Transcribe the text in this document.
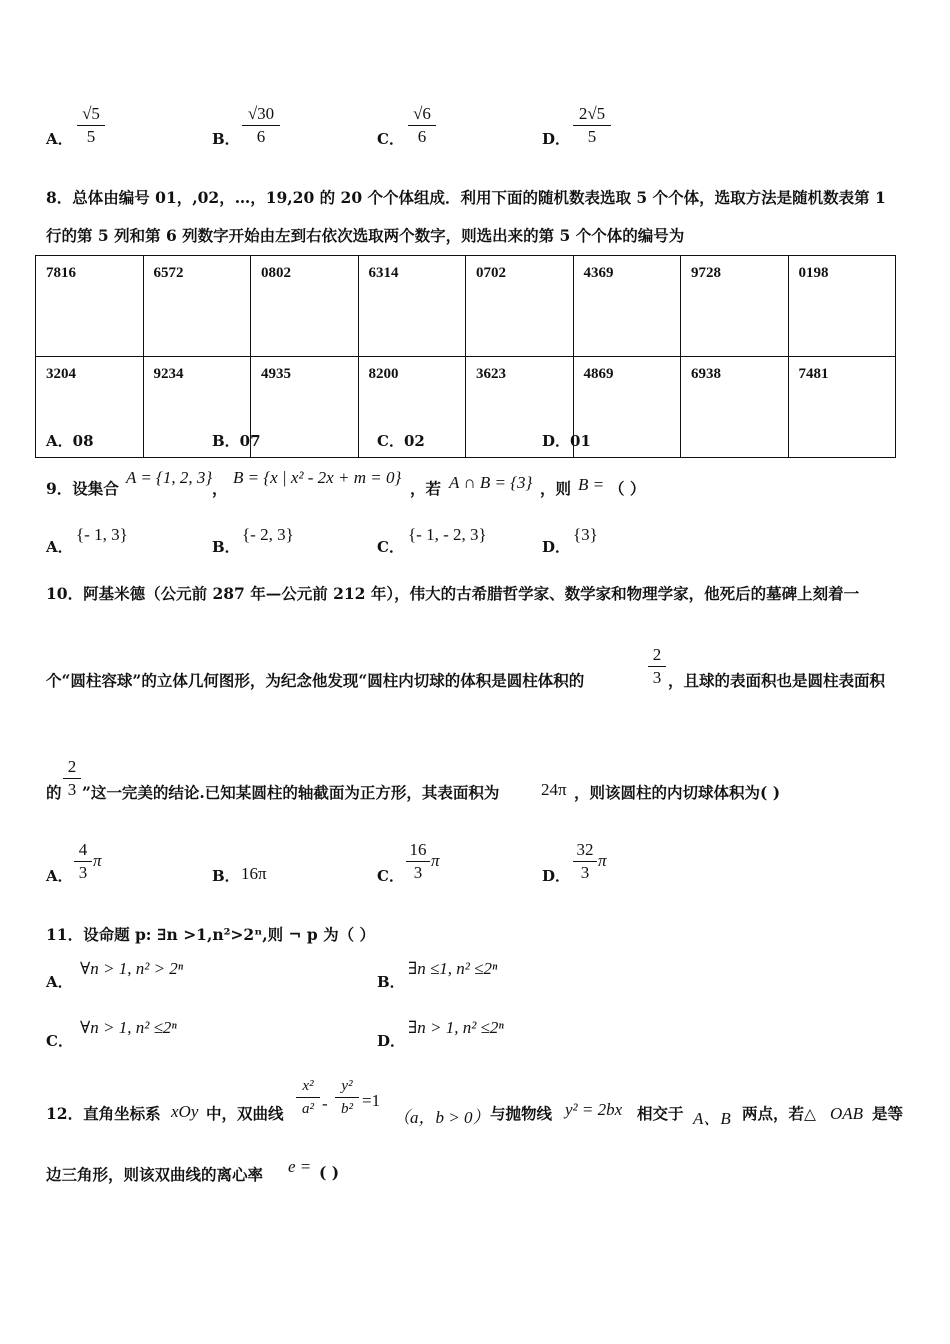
A．
√5
5	B．
√30
6	C．
√6
6	D．
2√5
5
8．总体由编号 01，,02，…，19,20 的 20 个个体组成．利用下面的随机数表选取 5 个个体，选取方法是随机数表第 1
行的第 5 列和第 6 列数字开始由左到右依次选取两个数字，则选出来的第 5 个个体的编号为
7816	6572	0802	6314	0702	4369	9728	0198
3204	9234	4935	8200	3623	4869	6938	7481
A．08	B．07	C．02	D．01
9．设集合
A = {1, 2, 3}
，
B = {x | x² - 2x + m = 0}
，若 A ∩ B = {3} ，则 B = （ ）
A．
{- 1, 3}
B．
{- 2, 3}
C．
{- 1, - 2, 3}
D．
{3}
10．阿基米德（公元前 287 年—公元前 212 年），伟大的古希腊哲学家、数学家和物理学家，他死后的墓碑上刻着一
个“圆柱容球”的立体几何图形，为纪念他发现“圆柱内切球的体积是圆柱体积的
2
3 ，且球的表面积也是圆柱表面积
的
2
3 ”这一完美的结论.已知某圆柱的轴截面为正方形，其表面积为 24π ，则该圆柱的内切球体积为( )
A．
4
3
π
B． 16π	C．
16
3
π
D．
32
3
π
11．设命题 p: ∃n >1,n²>2ⁿ,则 ¬ p 为（ ）
A．
∀n > 1, n² > 2ⁿ
B．
∃n ≤1, n² ≤2ⁿ
C．
∀n > 1, n² ≤2ⁿ
D．
∃n > 1, n² ≤2ⁿ
12．直角坐标系 xOy 中，双曲线
x²
a² -
y²
b² =1
（a，b > 0） 与抛物线 y² = 2bx 相交于 A、B 两点，若△ OAB 是等
边三角形，则该双曲线的离心率 e = ( )
